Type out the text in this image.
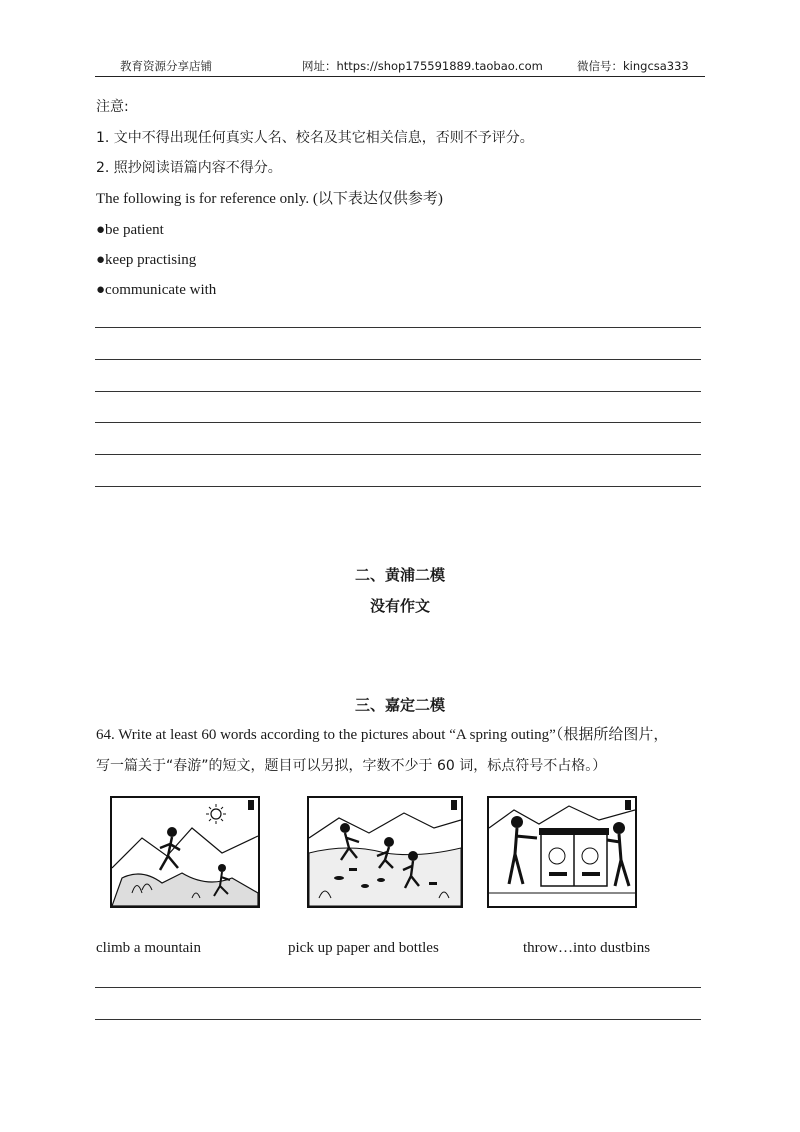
教育资源分享店铺	网址：https://shop175591889.taobao.com	微信号：kingcsa333
注意:
1. 文中不得出现任何真实人名、校名及其它相关信息，否则不予评分。
2. 照抄阅读语篇内容不得分。
The following is for reference only. (以下表达仅供参考)
●be patient
●keep practising
●communicate with
二、黄浦二模
没有作文
三、嘉定二模
64. Write at least 60 words according to the pictures about “A spring outing”（根据所给图片，
写一篇关于“春游”的短文，题目可以另拟，字数不少于 60 词，标点符号不占格。）
climb a mountain	pick up paper and bottles	throw…into dustbins
